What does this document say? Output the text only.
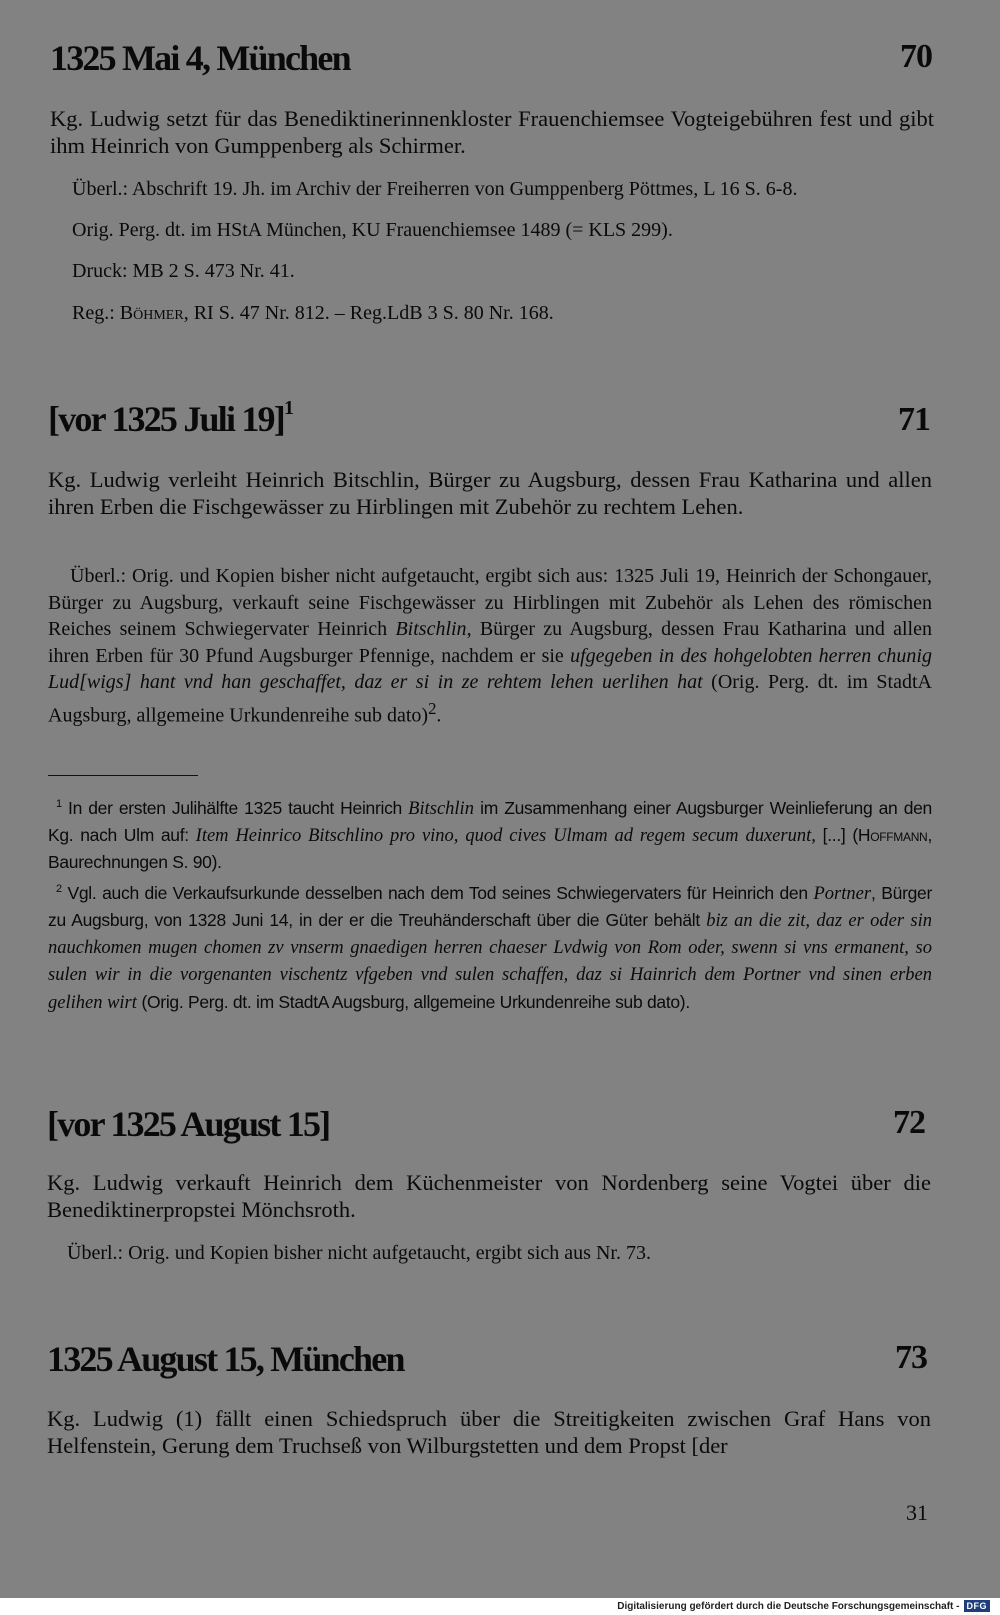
1325 Mai 4, München	70
Kg. Ludwig setzt für das Benediktinerinnenkloster Frauenchiemsee Vogteigebühren fest und gibt ihm Heinrich von Gumppenberg als Schirmer.
Überl.: Abschrift 19. Jh. im Archiv der Freiherren von Gumppenberg Pöttmes, L 16 S. 6-8.
Orig. Perg. dt. im HStA München, KU Frauenchiemsee 1489 (= KLS 299).
Druck: MB 2 S. 473 Nr. 41.
Reg.: Böhmer, RI S. 47 Nr. 812. – Reg.LdB 3 S. 80 Nr. 168.
[vor 1325 Juli 19]$^1$	71
Kg. Ludwig verleiht Heinrich Bitschlin, Bürger zu Augsburg, dessen Frau Katharina und allen ihren Erben die Fischgewässer zu Hirblingen mit Zubehör zu rechtem Lehen.

Überl.: Orig. und Kopien bisher nicht aufgetaucht, ergibt sich aus: 1325 Juli 19, Heinrich der Schongauer, Bürger zu Augsburg, verkauft seine Fischgewässer zu Hirblingen mit Zubehör als Lehen des römischen Reiches seinem Schwiegervater Heinrich Bitschlin, Bürger zu Augsburg, dessen Frau Katharina und allen ihren Erben für 30 Pfund Augsburger Pfennige, nachdem er sie ufgegeben in des hohgelobten herren chunig Lud[wigs] hant vnd han geschaffet, daz er si in ze rehtem lehen uerlihen hat (Orig. Perg. dt. im StadtA Augsburg, allgemeine Urkundenreihe sub dato)$^2$.

$^1$ In der ersten Julihälfte 1325 taucht Heinrich Bitschlin im Zusammenhang einer Augsburger Weinlieferung an den Kg. nach Ulm auf: Item Heinrico Bitschlino pro vino, quod cives Ulmam ad regem secum duxerunt, [...] (Hoffmann, Baurechnungen S. 90).

$^2$ Vgl. auch die Verkaufsurkunde desselben nach dem Tod seines Schwiegervaters für Heinrich den Portner, Bürger zu Augsburg, von 1328 Juni 14, in der er die Treuhänderschaft über die Güter behält biz an die zit, daz er oder sin nauchkomen mugen chomen zv vnserm gnaedigen herren chaeser Lvdwig von Rom oder, swenn si vns ermanent, so sulen wir in die vorgenanten vischentz vfgeben vnd sulen schaffen, daz si Hainrich dem Portner vnd sinen erben gelihen wirt (Orig. Perg. dt. im StadtA Augsburg, allgemeine Urkundenreihe sub dato).

[vor 1325 August 15]	72
Kg. Ludwig verkauft Heinrich dem Küchenmeister von Nordenberg seine Vogtei über die Benediktinerpropstei Mönchsroth.
Überl.: Orig. und Kopien bisher nicht aufgetaucht, ergibt sich aus Nr. 73.
1325 August 15, München	73
Kg. Ludwig (1) fällt einen Schiedspruch über die Streitigkeiten zwischen Graf Hans von Helfenstein, Gerung dem Truchseß von Wilburgstetten und dem Propst [der
31
Digitalisierung gefördert durch die Deutsche Forschungsgemeinschaft - DFG
